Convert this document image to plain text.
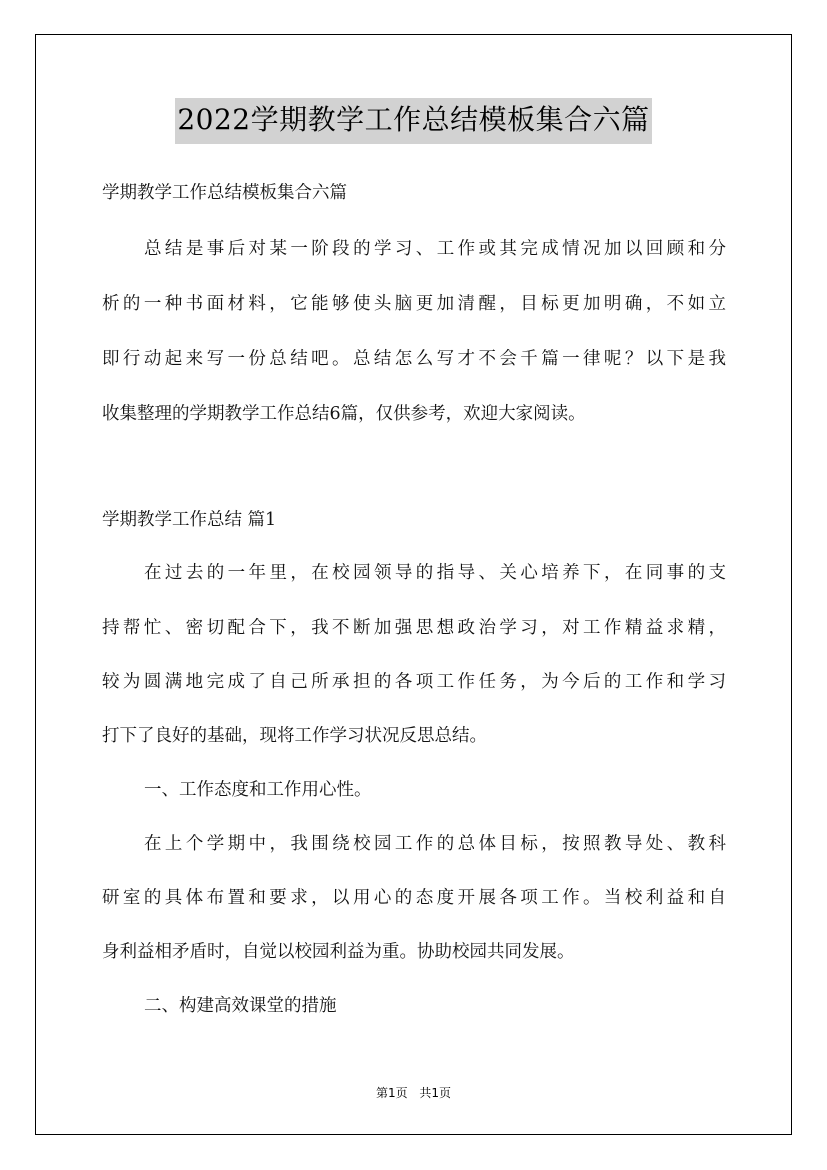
2022学期教学工作总结模板集合六篇
学期教学工作总结模板集合六篇
总结是事后对某一阶段的学习、工作或其完成情况加以回顾和分
析的一种书面材料，它能够使头脑更加清醒，目标更加明确，不如立
即行动起来写一份总结吧。总结怎么写才不会千篇一律呢？以下是我
收集整理的学期教学工作总结6篇，仅供参考，欢迎大家阅读。
学期教学工作总结 篇1
在过去的一年里，在校园领导的指导、关心培养下，在同事的支
持帮忙、密切配合下，我不断加强思想政治学习，对工作精益求精，
较为圆满地完成了自己所承担的各项工作任务，为今后的工作和学习
打下了良好的基础，现将工作学习状况反思总结。
一、工作态度和工作用心性。
在上个学期中，我围绕校园工作的总体目标，按照教导处、教科
研室的具体布置和要求，以用心的态度开展各项工作。当校利益和自
身利益相矛盾时，自觉以校园利益为重。协助校园共同发展。
二、构建高效课堂的措施
第1页 共1页
